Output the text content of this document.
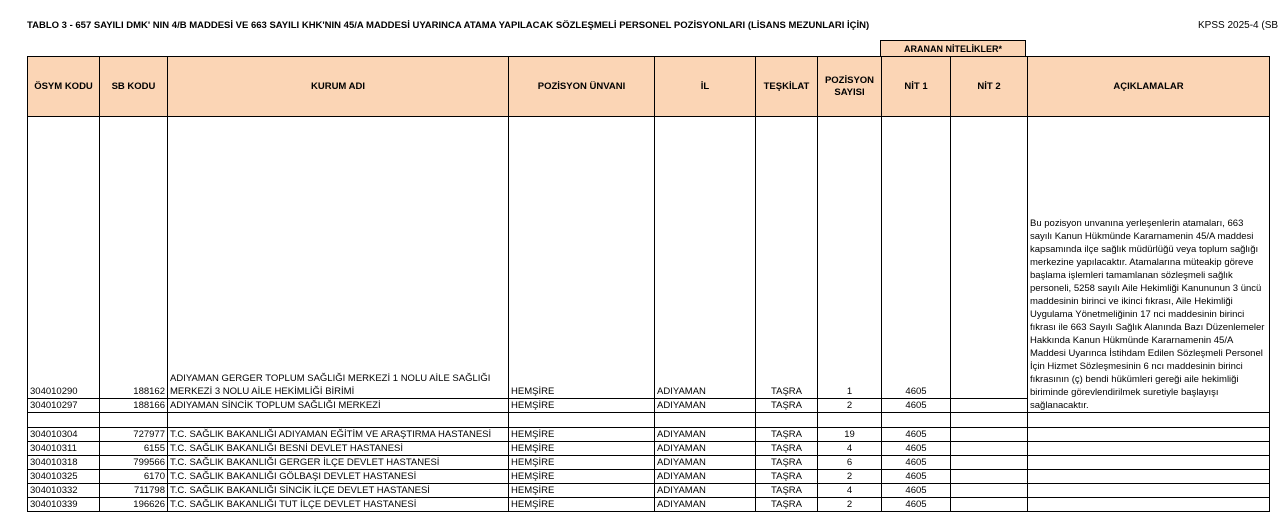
TABLO 3 - 657 SAYILI DMK' NIN 4/B MADDESİ VE 663 SAYILI KHK'NIN 45/A MADDESİ UYARINCA ATAMA YAPILACAK SÖZLEŞMELİ PERSONEL POZİSYONLARI (LİSANS MEZUNLARI İÇİN)	KPSS 2025-4 (SB
ARANAN NİTELİKLER*
ÖSYM KODU	SB KODU	KURUM ADI	POZİSYON ÜNVANI	İL	TEŞKİLAT	POZİSYON SAYISI	NİT 1	NİT 2	AÇIKLAMALAR
304010290	188162	ADIYAMAN GERGER TOPLUM SAĞLIĞI MERKEZİ 1 NOLU AİLE SAĞLIĞI
MERKEZİ 3 NOLU AİLE HEKİMLİĞİ BİRİMİ	HEMŞİRE	ADIYAMAN	TAŞRA	1	4605		Bu pozisyon unvanına yerleşenlerin atamaları, 663 sayılı Kanun Hükmünde Kararnamenin 45/A maddesi kapsamında ilçe sağlık müdürlüğü veya toplum sağlığı merkezine yapılacaktır. Atamalarına müteakip göreve başlama işlemleri tamamlanan sözleşmeli sağlık personeli, 5258 sayılı Aile Hekimliği Kanununun 3 üncü maddesinin birinci ve ikinci fıkrası, Aile Hekimliği Uygulama Yönetmeliğinin 17 nci maddesinin birinci fıkrası ile 663 Sayılı Sağlık Alanında Bazı Düzenlemeler Hakkında Kanun Hükmünde Kararnamenin 45/A Maddesi Uyarınca İstihdam Edilen Sözleşmeli Personel İçin Hizmet Sözleşmesinin 6 ncı maddesinin birinci fıkrasının (ç) bendi hükümleri gereği aile hekimliği biriminde görevlendirilmek suretiyle başlayışı sağlanacaktır.
304010297	188166	ADIYAMAN SİNCİK TOPLUM SAĞLIĞI MERKEZİ	HEMŞİRE	ADIYAMAN	TAŞRA	2	4605		

304010304	727977	T.C. SAĞLIK BAKANLIĞI ADIYAMAN EĞİTİM VE ARAŞTIRMA HASTANESİ	HEMŞİRE	ADIYAMAN	TAŞRA	19	4605		
304010311	6155	T.C. SAĞLIK BAKANLIĞI BESNİ DEVLET HASTANESİ	HEMŞİRE	ADIYAMAN	TAŞRA	4	4605		
304010318	799566	T.C. SAĞLIK BAKANLIĞI GERGER İLÇE DEVLET HASTANESİ	HEMŞİRE	ADIYAMAN	TAŞRA	6	4605		
304010325	6170	T.C. SAĞLIK BAKANLIĞI GÖLBAŞI DEVLET HASTANESİ	HEMŞİRE	ADIYAMAN	TAŞRA	2	4605		
304010332	711798	T.C. SAĞLIK BAKANLIĞI SİNCİK İLÇE DEVLET HASTANESİ	HEMŞİRE	ADIYAMAN	TAŞRA	4	4605		
304010339	196626	T.C. SAĞLIK BAKANLIĞI TUT İLÇE DEVLET HASTANESİ	HEMŞİRE	ADIYAMAN	TAŞRA	2	4605		
